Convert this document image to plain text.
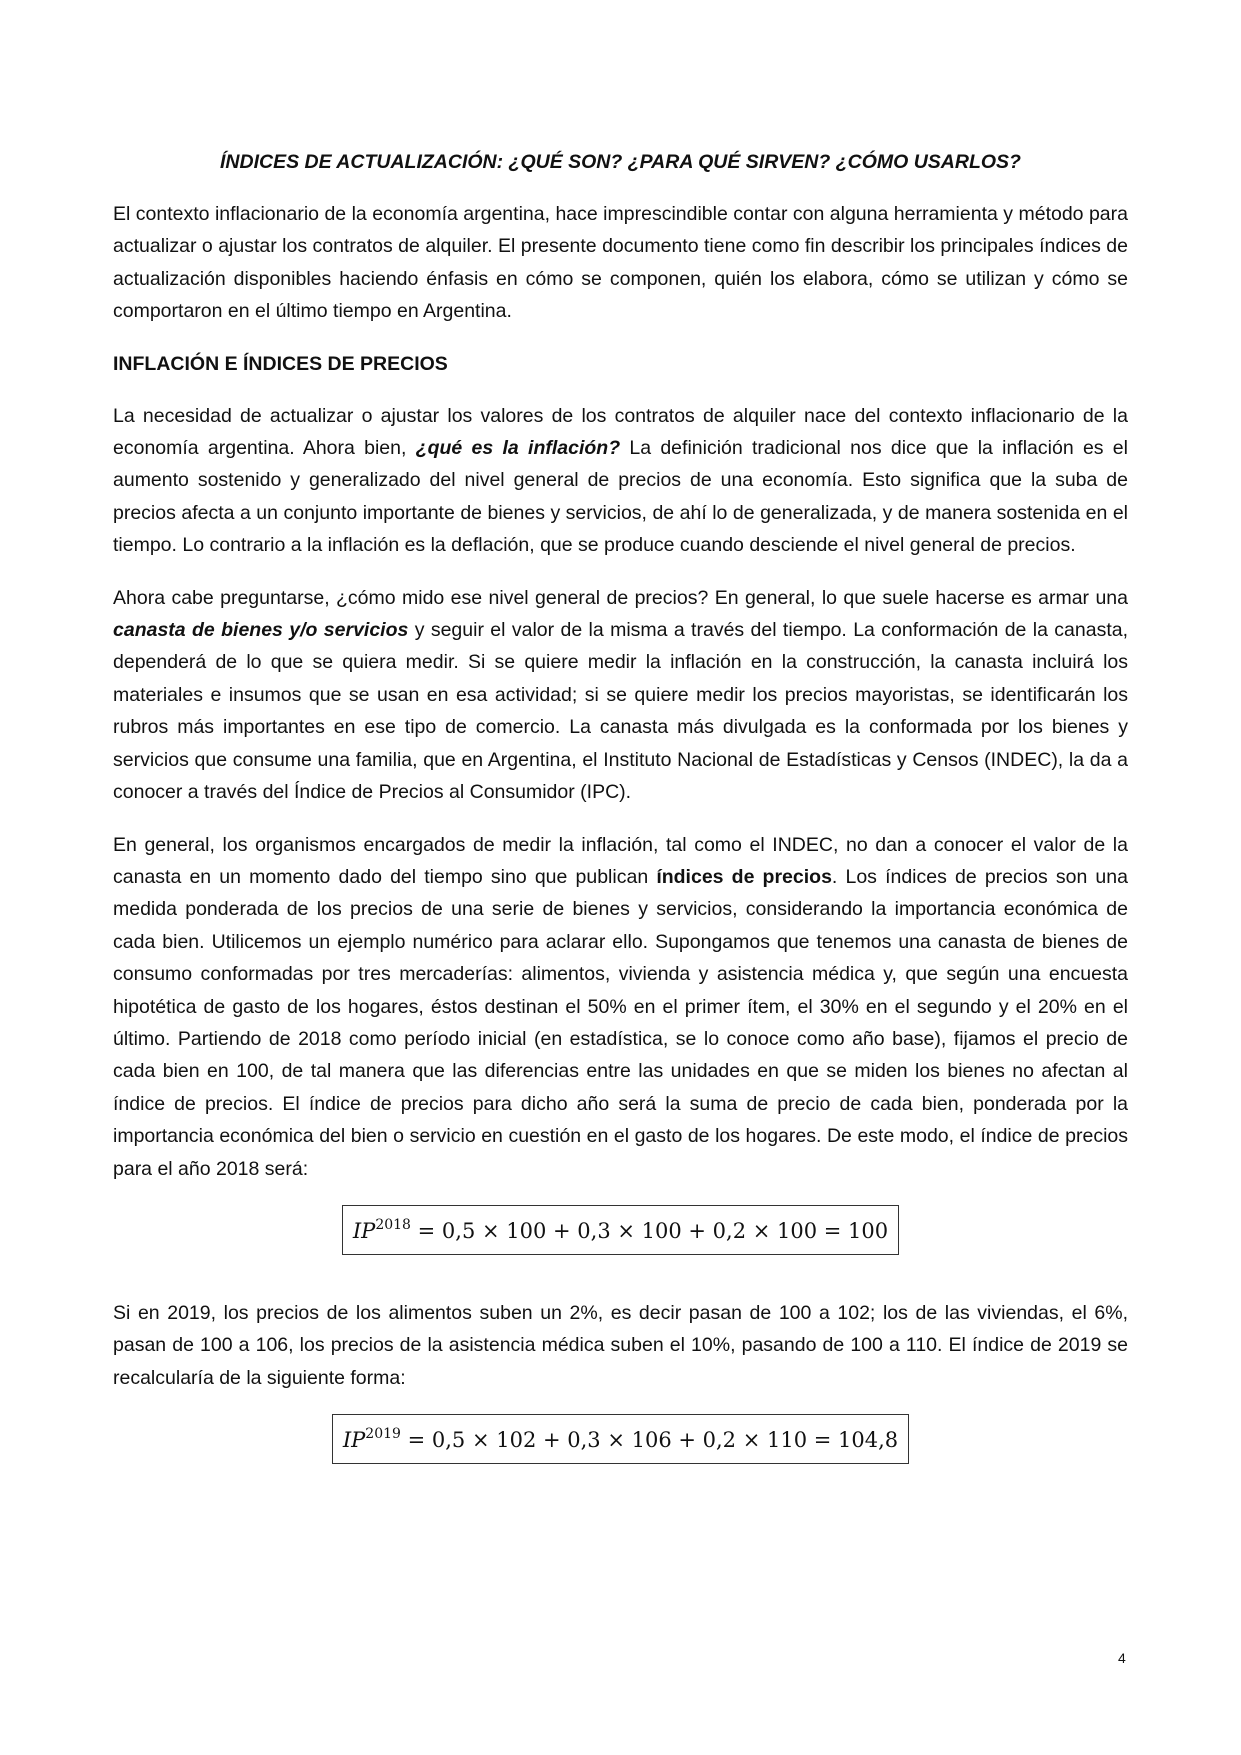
ÍNDICES DE ACTUALIZACIÓN: ¿QUÉ SON? ¿PARA QUÉ SIRVEN? ¿CÓMO USARLOS?

El contexto inflacionario de la economía argentina, hace imprescindible contar con alguna herramienta y método para actualizar o ajustar los contratos de alquiler. El presente documento tiene como fin describir los principales índices de actualización disponibles haciendo énfasis en cómo se componen, quién los elabora, cómo se utilizan y cómo se comportaron en el último tiempo en Argentina.

INFLACIÓN E ÍNDICES DE PRECIOS

La necesidad de actualizar o ajustar los valores de los contratos de alquiler nace del contexto inflacionario de la economía argentina. Ahora bien, ¿qué es la inflación? La definición tradicional nos dice que la inflación es el aumento sostenido y generalizado del nivel general de precios de una economía. Esto significa que la suba de precios afecta a un conjunto importante de bienes y servicios, de ahí lo de generalizada, y de manera sostenida en el tiempo. Lo contrario a la inflación es la deflación, que se produce cuando desciende el nivel general de precios.

Ahora cabe preguntarse, ¿cómo mido ese nivel general de precios? En general, lo que suele hacerse es armar una canasta de bienes y/o servicios y seguir el valor de la misma a través del tiempo. La conformación de la canasta, dependerá de lo que se quiera medir. Si se quiere medir la inflación en la construcción, la canasta incluirá los materiales e insumos que se usan en esa actividad; si se quiere medir los precios mayoristas, se identificarán los rubros más importantes en ese tipo de comercio. La canasta más divulgada es la conformada por los bienes y servicios que consume una familia, que en Argentina, el Instituto Nacional de Estadísticas y Censos (INDEC), la da a conocer a través del Índice de Precios al Consumidor (IPC).

En general, los organismos encargados de medir la inflación, tal como el INDEC, no dan a conocer el valor de la canasta en un momento dado del tiempo sino que publican índices de precios. Los índices de precios son una medida ponderada de los precios de una serie de bienes y servicios, considerando la importancia económica de cada bien. Utilicemos un ejemplo numérico para aclarar ello. Supongamos que tenemos una canasta de bienes de consumo conformadas por tres mercaderías: alimentos, vivienda y asistencia médica y, que según una encuesta hipotética de gasto de los hogares, éstos destinan el 50% en el primer ítem, el 30% en el segundo y el 20% en el último. Partiendo de 2018 como período inicial (en estadística, se lo conoce como año base), fijamos el precio de cada bien en 100, de tal manera que las diferencias entre las unidades en que se miden los bienes no afectan al índice de precios. El índice de precios para dicho año será la suma de precio de cada bien, ponderada por la importancia económica del bien o servicio en cuestión en el gasto de los hogares. De este modo, el índice de precios para el año 2018 será:

$IP^{2018} = 0,5 \times 100 + 0,3 \times 100 + 0,2 \times 100 = 100$

Si en 2019, los precios de los alimentos suben un 2%, es decir pasan de 100 a 102; los de las viviendas, el 6%, pasan de 100 a 106, los precios de la asistencia médica suben el 10%, pasando de 100 a 110. El índice de 2019 se recalcularía de la siguiente forma:

$IP^{2019} = 0,5 \times 102 + 0,3 \times 106 + 0,2 \times 110 = 104,8$
4
